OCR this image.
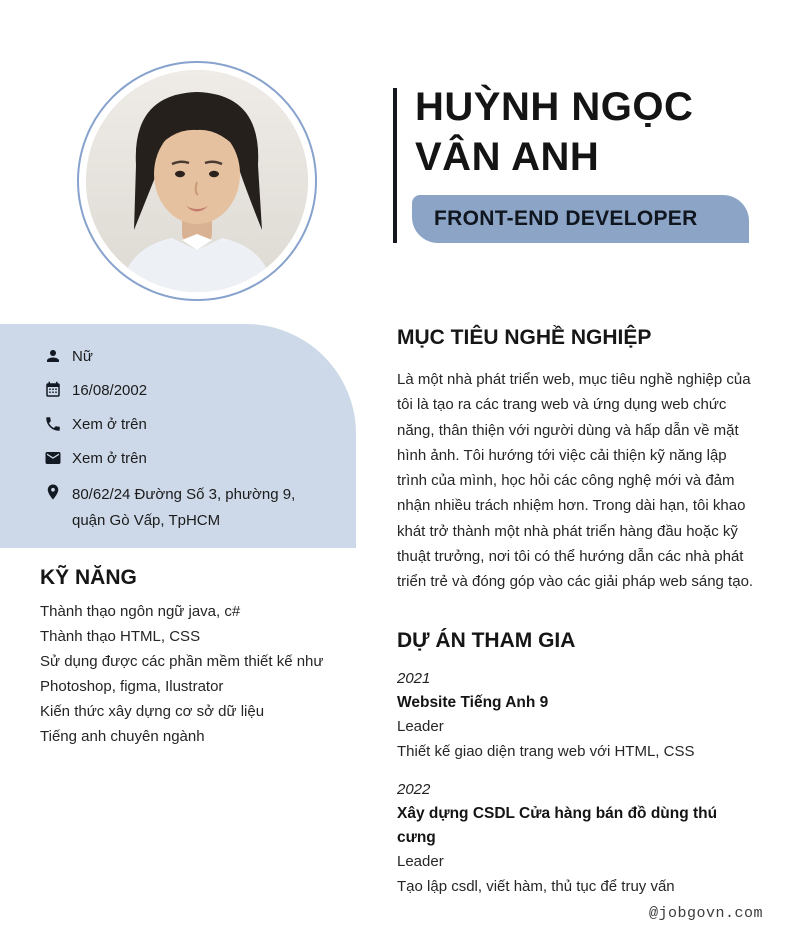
HUỲNH NGỌC
VÂN ANH
FRONT-END DEVELOPER
Nữ
16/08/2002
Xem ở trên
Xem ở trên
80/62/24 Đường Số 3, phường 9, quận Gò Vấp, TpHCM
KỸ NĂNG
Thành thạo ngôn ngữ java, c#
Thành thạo HTML, CSS
Sử dụng được các phần mềm thiết kế như
Photoshop, figma, Ilustrator
Kiến thức xây dựng cơ sở dữ liệu
Tiếng anh chuyên ngành
MỤC TIÊU NGHỀ NGHIỆP
Là một nhà phát triển web, mục tiêu nghề nghiệp của tôi là tạo ra các trang web và ứng dụng web chức năng, thân thiện với người dùng và hấp dẫn về mặt hình ảnh. Tôi hướng tới việc cải thiện kỹ năng lập trình của mình, học hỏi các công nghệ mới và đảm nhận nhiều trách nhiệm hơn. Trong dài hạn, tôi khao khát trở thành một nhà phát triển hàng đầu hoặc kỹ thuật trưởng, nơi tôi có thể hướng dẫn các nhà phát triển trẻ và đóng góp vào các giải pháp web sáng tạo.
DỰ ÁN THAM GIA
2021
Website Tiếng Anh 9
Leader
Thiết kế giao diện trang web với HTML, CSS
2022
Xây dựng CSDL Cửa hàng bán đồ dùng thú cưng
Leader
Tạo lập csdl, viết hàm, thủ tục để truy vấn
@jobgovn.com
